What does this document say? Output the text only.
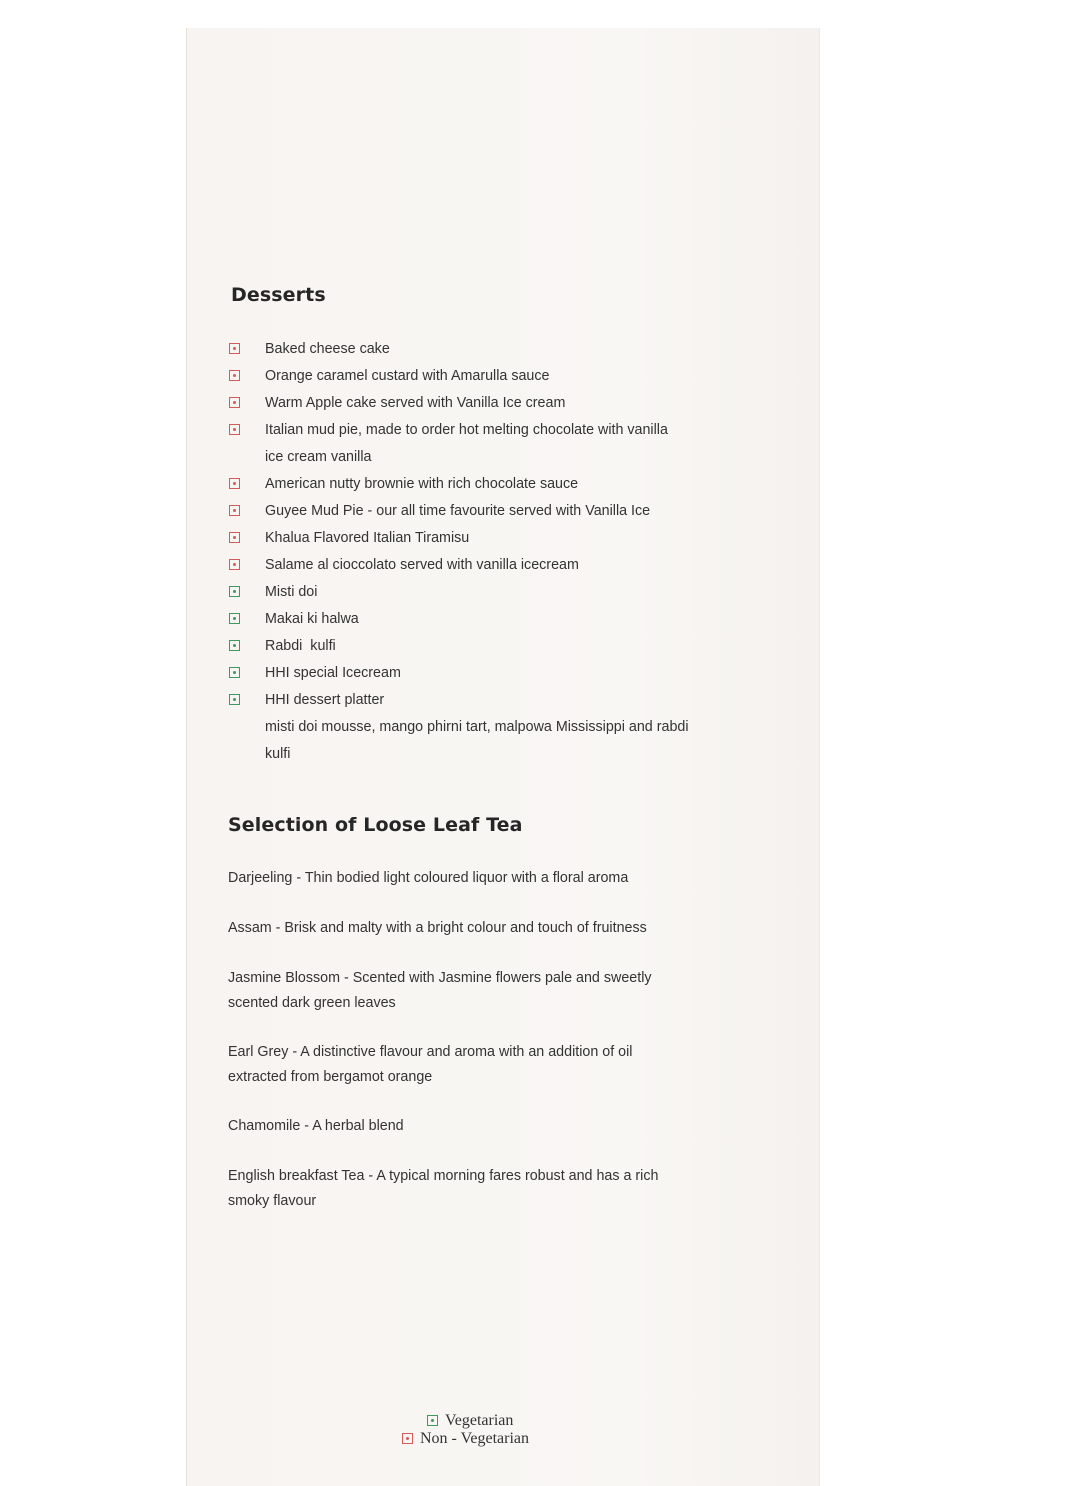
Desserts
Baked cheese cake
Orange caramel custard with Amarulla sauce
Warm Apple cake served with Vanilla Ice cream
Italian mud pie, made to order hot melting chocolate with vanilla ice cream vanilla
American nutty brownie with rich chocolate sauce
Guyee Mud Pie - our all time favourite served with Vanilla Ice
Khalua Flavored Italian Tiramisu
Salame al cioccolato served with vanilla icecream
Misti doi
Makai ki halwa
Rabdi  kulfi
HHI special Icecream
HHI dessert platter
misti doi mousse, mango phirni tart, malpowa Mississippi and rabdi kulfi
Selection of Loose Leaf Tea

Darjeeling - Thin bodied light coloured liquor with a floral aroma

Assam - Brisk and malty with a bright colour and touch of fruitness

Jasmine Blossom - Scented with Jasmine flowers pale and sweetly scented dark green leaves

Earl Grey - A distinctive flavour and aroma with an addition of oil extracted from bergamot orange

Chamomile - A herbal blend

English breakfast Tea - A typical morning fares robust and has a rich smoky flavour

Vegetarian
Non - Vegetarian
